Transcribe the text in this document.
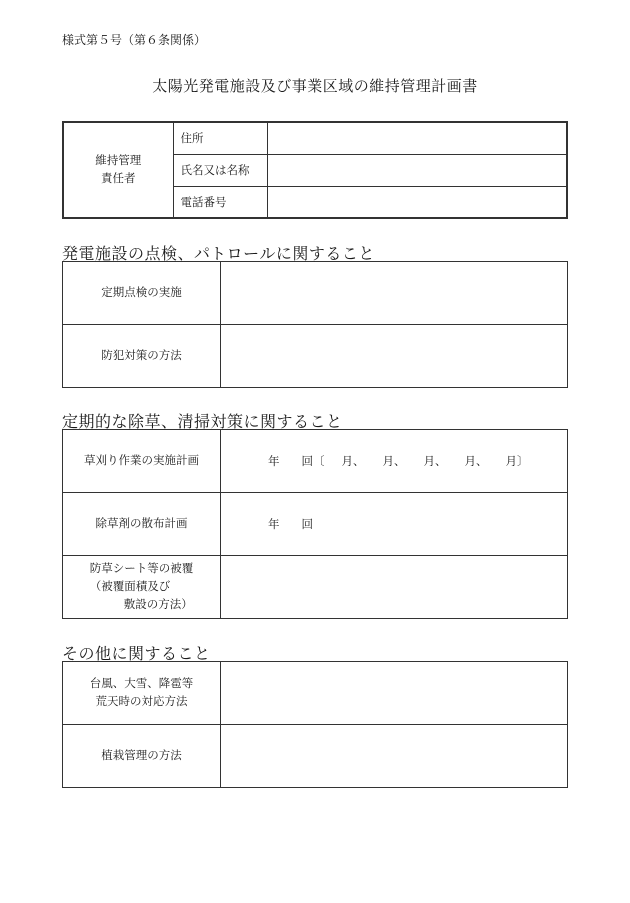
様式第５号（第６条関係）
太陽光発電施設及び事業区域の維持管理計画書
維持管理
責任者	住所	
	氏名又は名称	
	電話番号	
発電施設の点検、パトロールに関すること
定期点検の実施	
防犯対策の方法	
定期的な除草、清掃対策に関すること
草刈り作業の実施計画	年 回〔 月、 月、 月、 月、 月〕
除草剤の散布計画	年 回
防草シート等の被覆
（被覆面積及び
敷設の方法）	
その他に関すること
台風、大雪、降雹等
荒天時の対応方法	
植栽管理の方法	
